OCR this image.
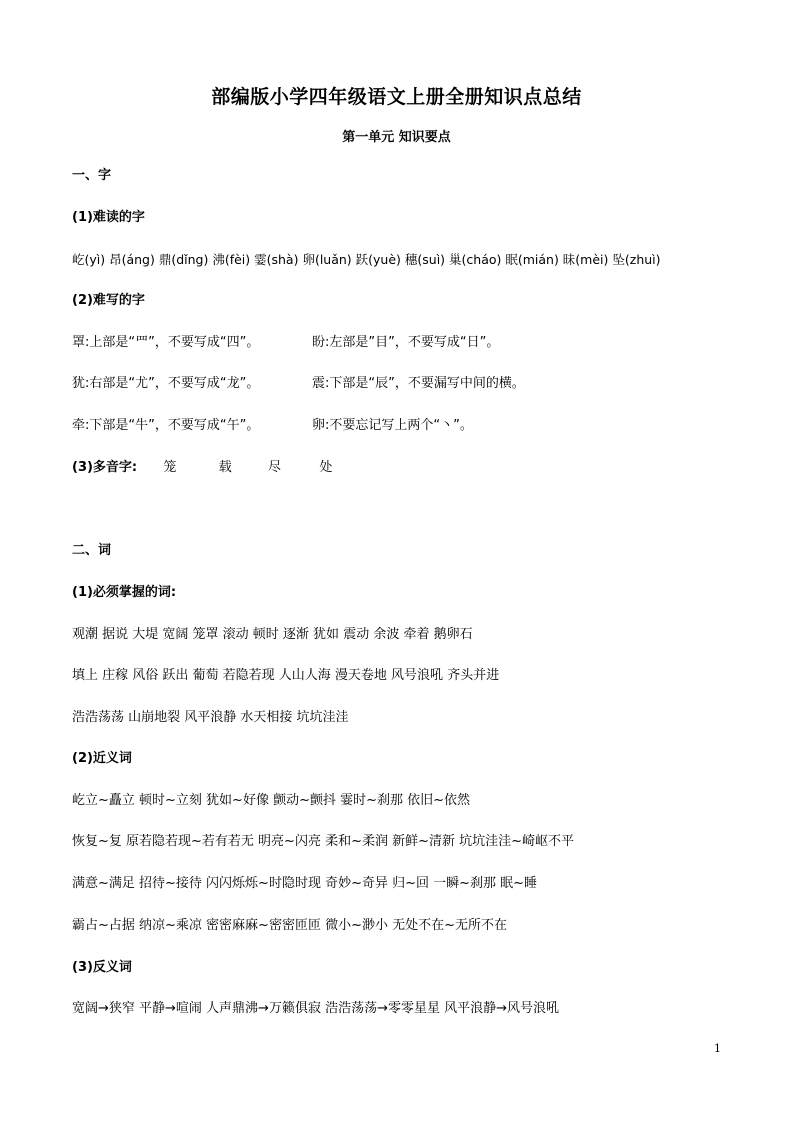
部编版小学四年级语文上册全册知识点总结
第一单元 知识要点
一、字
(1)难读的字
屹(yì) 昂(áng) 鼎(dǐng) 沸(fèi) 霎(shà) 卵(luǎn) 跃(yuè) 穗(suì) 巢(cháo) 眠(mián) 昧(mèi) 坠(zhuì)
(2)难写的字
罩:上部是“罒”，不要写成“四”。	盼:左部是”目”，不要写成“日”。
犹:右部是“尤”，不要写成“龙”。	震:下部是“辰”，不要漏写中间的横。
牵:下部是“牛”，不要写成“午”。	卵:不要忘记写上两个“丶”。
(3)多音字: 笼	载	尽	处
二、词
(1)必须掌握的词:
观潮 据说 大堤 宽阔 笼罩 滚动 顿时 逐渐 犹如 震动 余波 牵着 鹅卵石
填上 庄稼 风俗 跃出 葡萄 若隐若现 人山人海 漫天卷地 风号浪吼 齐头并进
浩浩荡荡 山崩地裂 风平浪静 水天相接 坑坑洼洼
(2)近义词
屹立~矗立 顿时~立刻 犹如~好像 颤动~颤抖 霎时~刹那 依旧~依然
恢复~复 原若隐若现~若有若无 明亮~闪亮 柔和~柔润 新鲜~清新 坑坑洼洼~崎岖不平
满意~满足 招待~接待 闪闪烁烁~时隐时现 奇妙~奇异 归~回 一瞬~刹那 眠~睡
霸占~占据 纳凉~乘凉 密密麻麻~密密匝匝 微小~渺小 无处不在~无所不在
(3)反义词
宽阔→狭窄 平静→喧闹 人声鼎沸→万籁俱寂 浩浩荡荡→零零星星 风平浪静→风号浪吼
1
